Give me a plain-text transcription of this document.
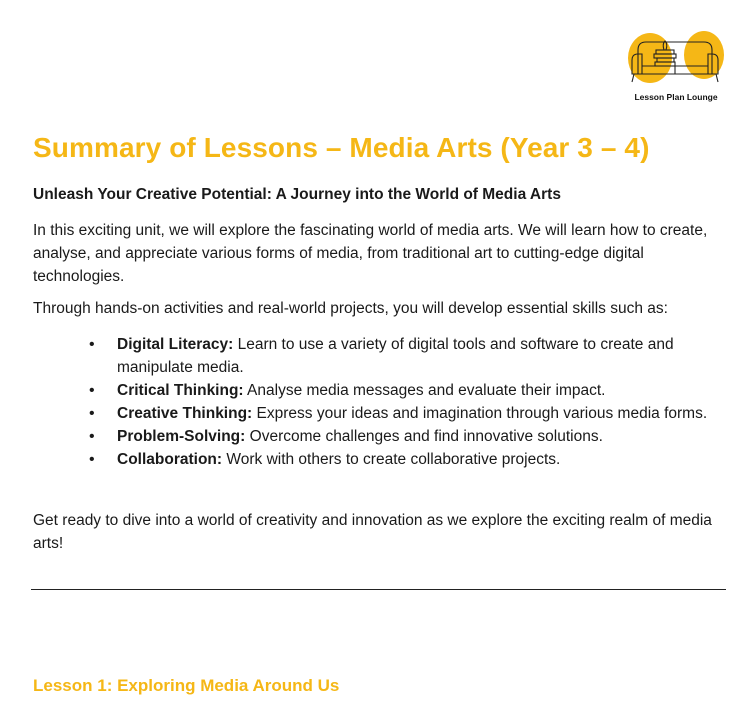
Lesson Plan Lounge
Summary of Lessons – Media Arts (Year 3 – 4)

Unleash Your Creative Potential: A Journey into the World of Media Arts

In this exciting unit, we will explore the fascinating world of media arts. We will learn how to create, analyse, and appreciate various forms of media, from traditional art to cutting-edge digital technologies.

Through hands-on activities and real-world projects, you will develop essential skills such as:

• Digital Literacy: Learn to use a variety of digital tools and software to create and manipulate media.
• Critical Thinking: Analyse media messages and evaluate their impact.
• Creative Thinking: Express your ideas and imagination through various media forms.
• Problem-Solving: Overcome challenges and find innovative solutions.
• Collaboration: Work with others to create collaborative projects.

Get ready to dive into a world of creativity and innovation as we explore the exciting realm of media arts!

Lesson 1: Exploring Media Around Us
